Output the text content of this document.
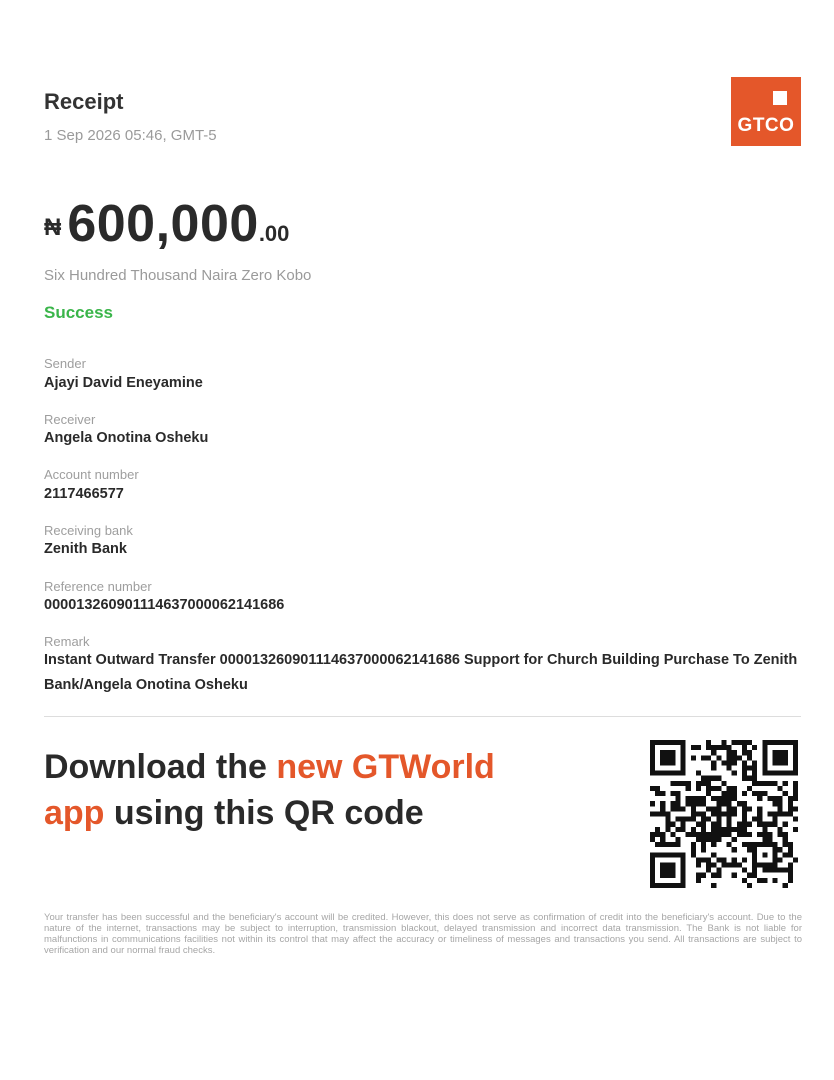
Receipt
1 Sep 2026 05:46, GMT-5	GTCO
₦ 600,000.00
Six Hundred Thousand Naira Zero Kobo
Success
Sender
Ajayi David Eneyamine
Receiver
Angela Onotina Osheku
Account number
2117466577
Receiving bank
Zenith Bank
Reference number
000013260901114637000062141686
Remark
Instant Outward Transfer 000013260901114637000062141686 Support for Church Building Purchase To Zenith Bank/Angela Onotina Osheku
Download the new GTWorld app using this QR code
Your transfer has been successful and the beneficiary's account will be credited. However, this does not serve as confirmation of credit into the beneficiary's account. Due to the nature of the internet, transactions may be subject to interruption, transmission blackout, delayed transmission and incorrect data transmission. The Bank is not liable for malfunctions in communications facilities not within its control that may affect the accuracy or timeliness of messages and transactions you send. All transactions are subject to verification and our normal fraud checks.
